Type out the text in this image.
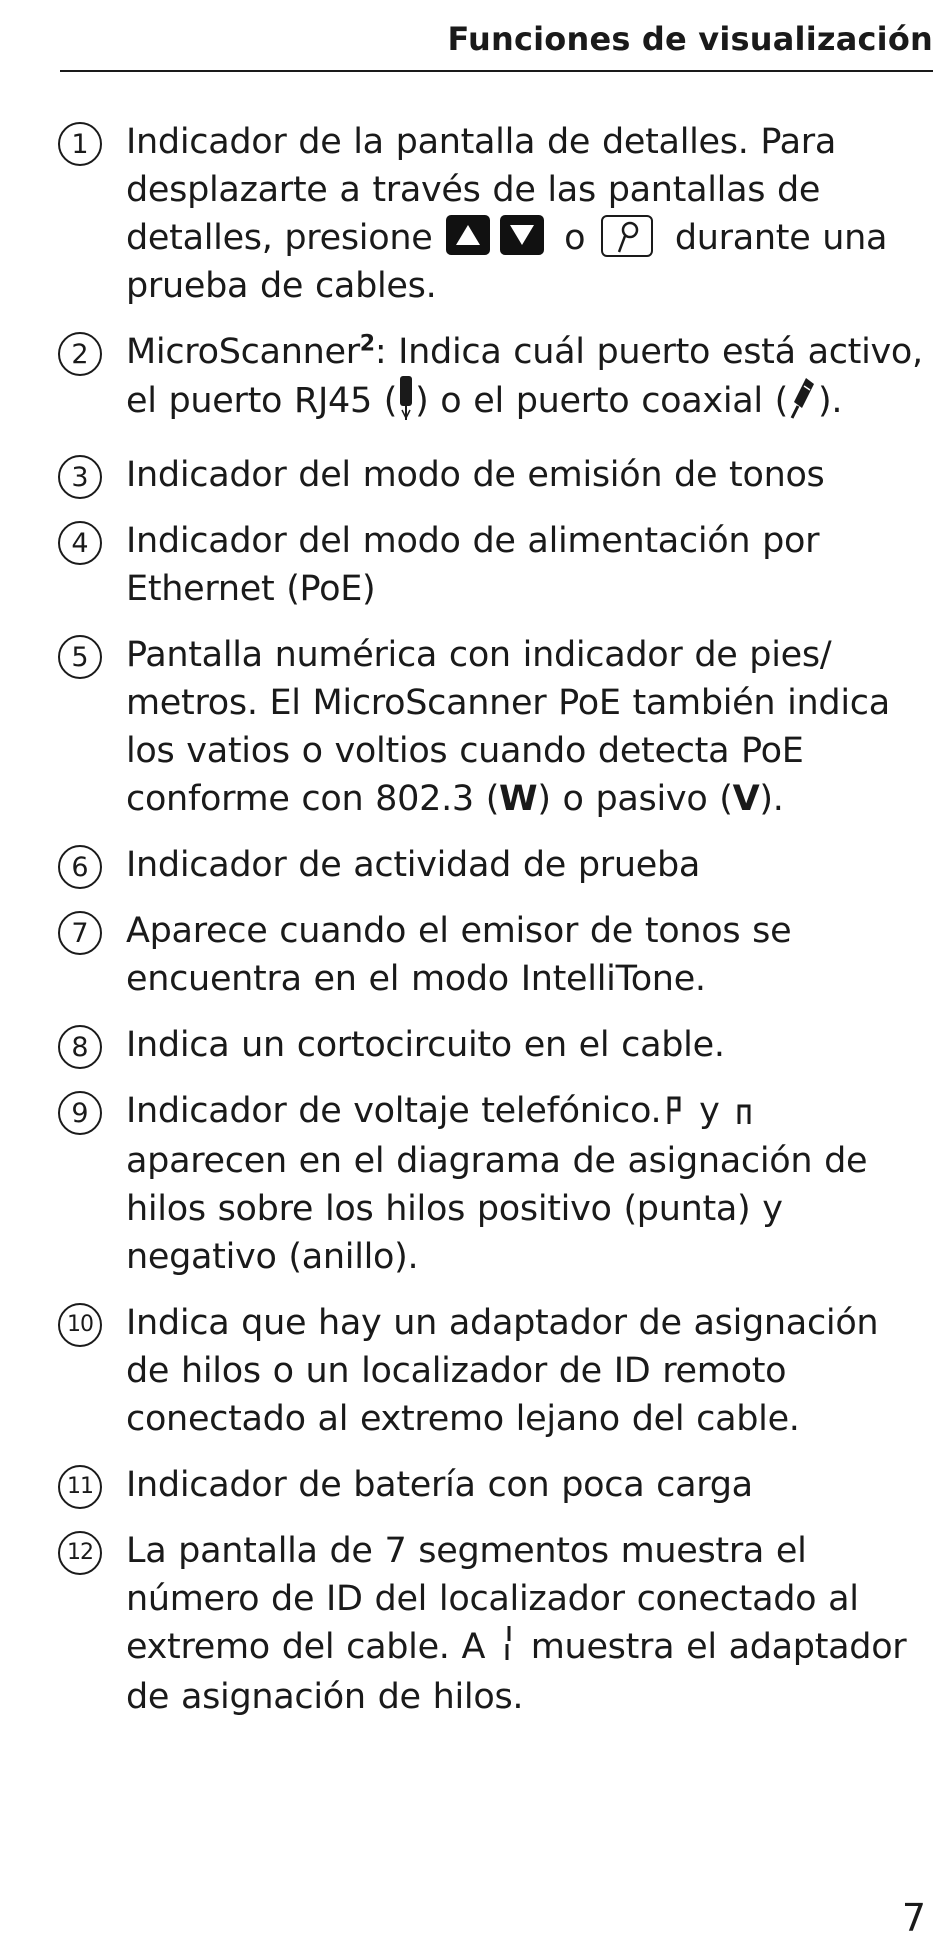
Funciones de visualización
1	Indicador de la pantalla de detalles. Para desplazarte a través de las pantallas de detalles, presione	o
durante una prueba de cables.
2	MicroScanner$^2$: Indica cuál puerto está activo, el puerto RJ45 ( ) o el puerto coaxial ( ).
3	Indicador del modo de emisión de tonos
4	Indicador del modo de alimentación por Ethernet (PoE)
5	Pantalla numérica con indicador de pies/ metros. El MicroScanner PoE también indica los vatios o voltios cuando detecta PoE conforme con 802.3 (W) o pasivo (V).
6	Indicador de actividad de prueba
7	Aparece cuando el emisor de tonos se encuentra en el modo IntelliTone.
8	Indica un cortocircuito en el cable.
9	Indicador de voltaje telefónico. y
aparecen en el diagrama de asignación de hilos sobre los hilos positivo (punta) y negativo (anillo).
10 Indica que hay un adaptador de asignación de hilos o un localizador de ID remoto conectado al extremo lejano del cable.
11 Indicador de batería con poca carga
12 La pantalla de 7 segmentos muestra el número de ID del localizador conectado al extremo del cable. A  muestra el adaptador de asignación de hilos.
7
